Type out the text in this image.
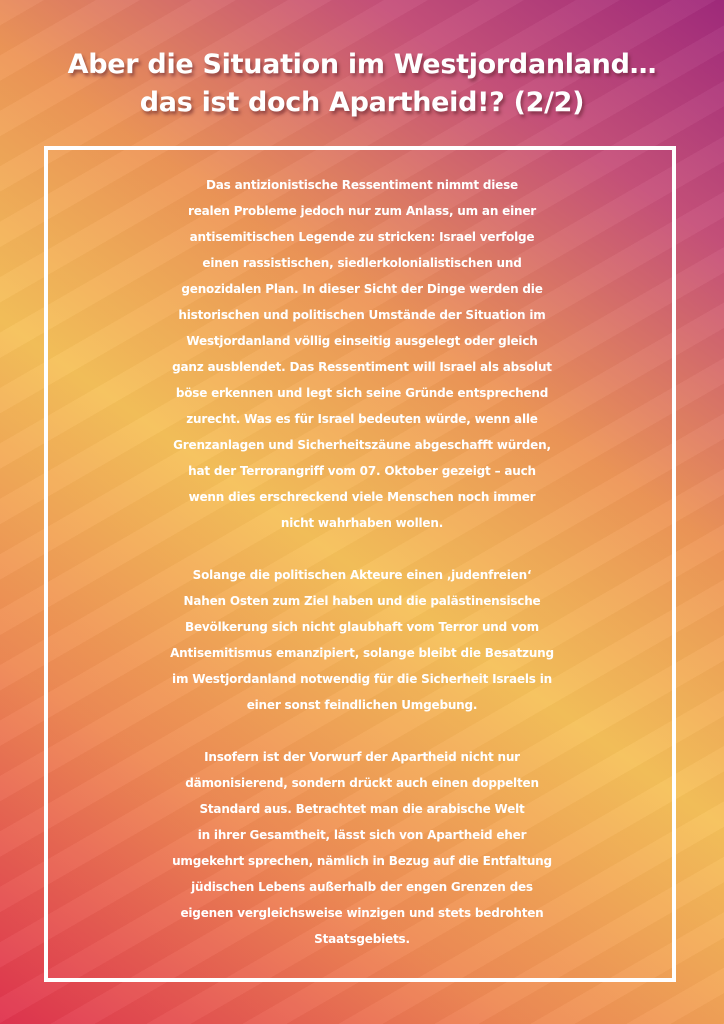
Aber die Situation im Westjordanland…
das ist doch Apartheid!? (2/2)

Das antizionistische Ressentiment nimmt diese
realen Probleme jedoch nur zum Anlass, um an einer
antisemitischen Legende zu stricken: Israel verfolge
einen rassistischen, siedlerkolonialistischen und
genozidalen Plan. In dieser Sicht der Dinge werden die
historischen und politischen Umstände der Situation im
Westjordanland völlig einseitig ausgelegt oder gleich
ganz ausblendet. Das Ressentiment will Israel als absolut
böse erkennen und legt sich seine Gründe entsprechend
zurecht. Was es für Israel bedeuten würde, wenn alle
Grenzanlagen und Sicherheitszäune abgeschafft würden,
hat der Terrorangriff vom 07. Oktober gezeigt – auch
wenn dies erschreckend viele Menschen noch immer
nicht wahrhaben wollen.

Solange die politischen Akteure einen ‚judenfreien‘
Nahen Osten zum Ziel haben und die palästinensische
Bevölkerung sich nicht glaubhaft vom Terror und vom
Antisemitismus emanzipiert, solange bleibt die Besatzung
im Westjordanland notwendig für die Sicherheit Israels in
einer sonst feindlichen Umgebung.

Insofern ist der Vorwurf der Apartheid nicht nur
dämonisierend, sondern drückt auch einen doppelten
Standard aus. Betrachtet man die arabische Welt
in ihrer Gesamtheit, lässt sich von Apartheid eher
umgekehrt sprechen, nämlich in Bezug auf die Entfaltung
jüdischen Lebens außerhalb der engen Grenzen des
eigenen vergleichsweise winzigen und stets bedrohten
Staatsgebiets.
